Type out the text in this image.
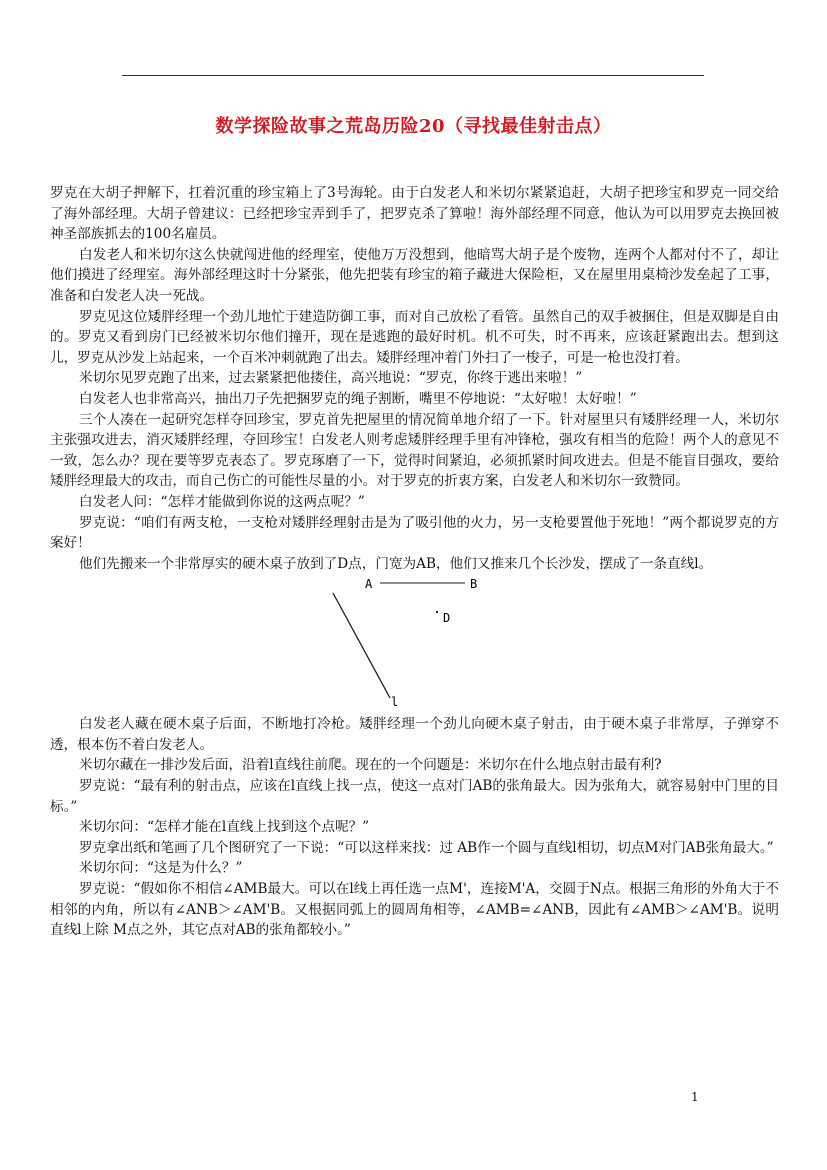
数学探险故事之荒岛历险20（寻找最佳射击点）

罗克在大胡子押解下，扛着沉重的珍宝箱上了3号海轮。由于白发老人和米切尔紧紧追赶，大胡子把珍宝和罗克一同交给了海外部经理。大胡子曾建议：已经把珍宝弄到手了，把罗克杀了算啦！海外部经理不同意，他认为可以用罗克去换回被神圣部族抓去的100名雇员。

白发老人和米切尔这么快就闯进他的经理室，使他万万没想到，他暗骂大胡子是个废物，连两个人都对付不了，却让他们摸进了经理室。海外部经理这时十分紧张，他先把装有珍宝的箱子藏进大保险柜，又在屋里用桌椅沙发垒起了工事，准备和白发老人决一死战。

罗克见这位矮胖经理一个劲儿地忙于建造防御工事，而对自己放松了看管。虽然自己的双手被捆住，但是双脚是自由的。罗克又看到房门已经被米切尔他们撞开，现在是逃跑的最好时机。机不可失，时不再来，应该赶紧跑出去。想到这儿，罗克从沙发上站起来，一个百米冲刺就跑了出去。矮胖经理冲着门外扫了一梭子，可是一枪也没打着。

米切尔见罗克跑了出来，过去紧紧把他搂住，高兴地说：“罗克，你终于逃出来啦！”

白发老人也非常高兴，抽出刀子先把捆罗克的绳子割断，嘴里不停地说：“太好啦！太好啦！”

三个人凑在一起研究怎样夺回珍宝，罗克首先把屋里的情况简单地介绍了一下。针对屋里只有矮胖经理一人，米切尔主张强攻进去，消灭矮胖经理，夺回珍宝！白发老人则考虑矮胖经理手里有冲锋枪，强攻有相当的危险！两个人的意见不一致，怎么办？现在要等罗克表态了。罗克琢磨了一下，觉得时间紧迫，必须抓紧时间攻进去。但是不能盲目强攻，要给矮胖经理最大的攻击，而自己伤亡的可能性尽量的小。对于罗克的折衷方案，白发老人和米切尔一致赞同。

白发老人问：“怎样才能做到你说的这两点呢？”

罗克说：“咱们有两支枪，一支枪对矮胖经理射击是为了吸引他的火力，另一支枪要置他于死地！”两个都说罗克的方案好！

他们先搬来一个非常厚实的硬木桌子放到了D点，门宽为AB，他们又推来几个长沙发，摆成了一条直线l。

A	B
D
l

白发老人藏在硬木桌子后面，不断地打冷枪。矮胖经理一个劲儿向硬木桌子射击，由于硬木桌子非常厚，子弹穿不透，根本伤不着白发老人。

米切尔藏在一排沙发后面，沿着l直线往前爬。现在的一个问题是：米切尔在什么地点射击最有利?

罗克说：“最有利的射击点，应该在l直线上找一点，使这一点对门AB的张角最大。因为张角大，就容易射中门里的目标。”

米切尔问：“怎样才能在l直线上找到这个点呢？”

罗克拿出纸和笔画了几个图研究了一下说：“可以这样来找：过 AB作一个圆与直线l相切，切点M对门AB张角最大。”

米切尔问：“这是为什么？”

罗克说：“假如你不相信∠AMB最大。可以在l线上再任选一点M'，连接M'A，交圆于N点。根据三角形的外角大于不相邻的内角，所以有∠ANB＞∠AM'B。又根据同弧上的圆周角相等，∠AMB=∠ANB，因此有∠AMB＞∠AM'B。说明直线l上除 M点之外，其它点对AB的张角都较小。”

1
